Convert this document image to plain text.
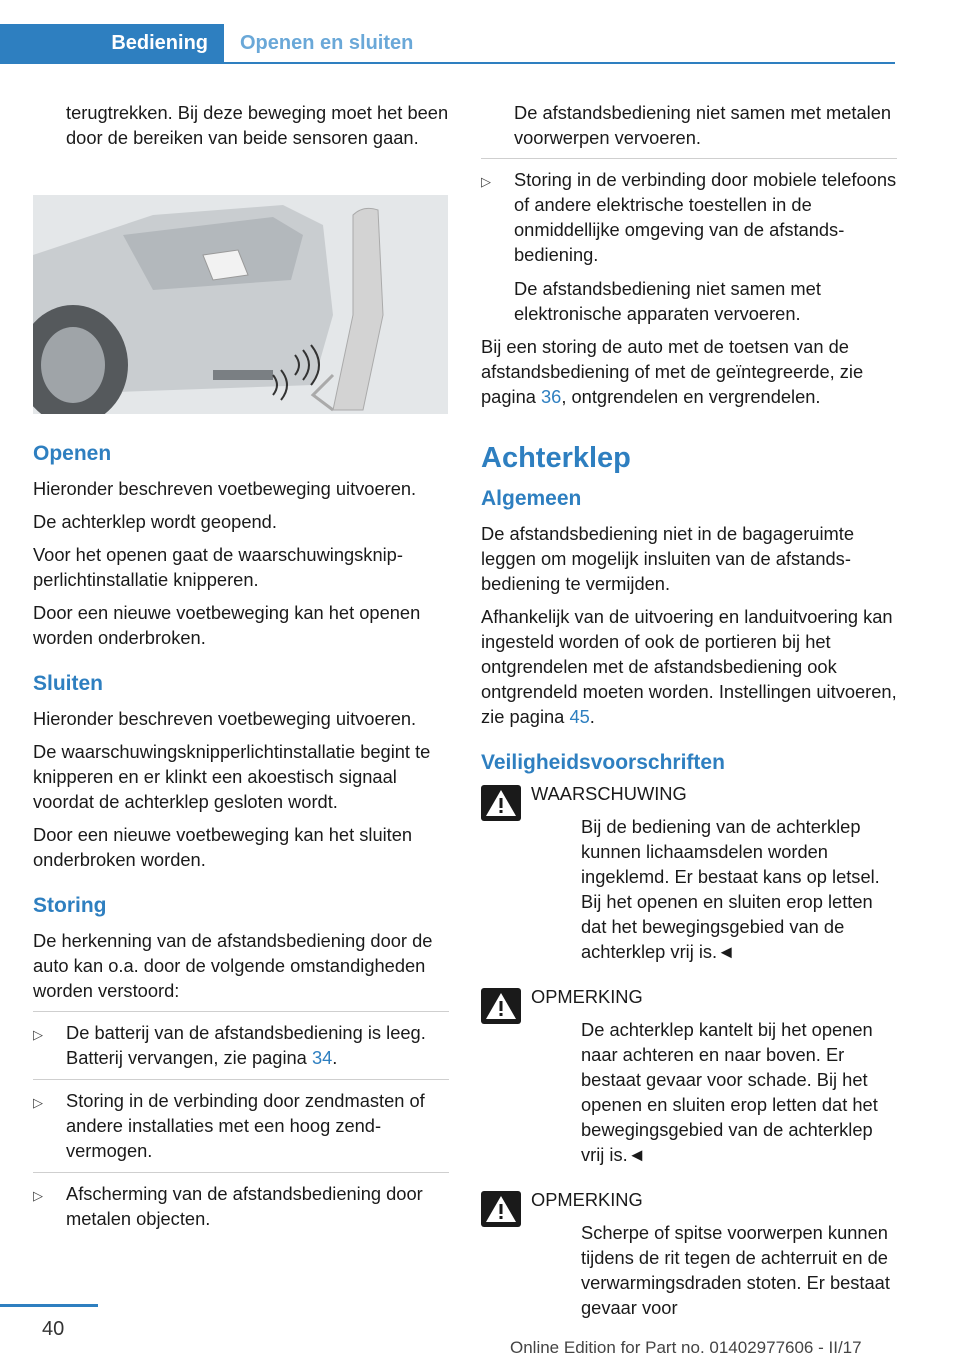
Bediening	Openen en sluiten

terugtrekken. Bij deze beweging moet het been door de bereiken van beide sensoren gaan.

Openen

Hieronder beschreven voetbeweging uitvoeren.

De achterklep wordt geopend.

Voor het openen gaat de waarschuwingsknipperlichtinstallatie knipperen.

Door een nieuwe voetbeweging kan het openen worden onderbroken.

Sluiten

Hieronder beschreven voetbeweging uitvoeren.

De waarschuwingsknipperlichtinstallatie begint te knipperen en er klinkt een akoestisch signaal voordat de achterklep gesloten wordt.

Door een nieuwe voetbeweging kan het sluiten onderbroken worden.

Storing

De herkenning van de afstandsbediening door de auto kan o.a. door de volgende omstandigheden worden verstoord:

▷ De batterij van de afstandsbediening is leeg. Batterij vervangen, zie pagina 34.
▷ Storing in de verbinding door zendmasten of andere installaties met een hoog zendvermogen.
▷ Afscherming van de afstandsbediening door metalen objecten.

De afstandsbediening niet samen met metalen voorwerpen vervoeren.

▷ Storing in de verbinding door mobiele telefoons of andere elektrische toestellen in de onmiddellijke omgeving van de afstandsbediening.

De afstandsbediening niet samen met elektronische apparaten vervoeren.

Bij een storing de auto met de toetsen van de afstandsbediening of met de geïntegreerde, zie pagina 36, ontgrendelen en vergrendelen.

Achterklep

Algemeen

De afstandsbediening niet in de bagageruimte leggen om mogelijk insluiten van de afstandsbediening te vermijden.

Afhankelijk van de uitvoering en landuitvoering kan ingesteld worden of ook de portieren bij het ontgrendelen met de afstandsbediening ook ontgrendeld moeten worden. Instellingen uitvoeren, zie pagina 45.

Veiligheidsvoorschriften

WAARSCHUWING

Bij de bediening van de achterklep kunnen lichaamsdelen worden ingeklemd. Er bestaat kans op letsel. Bij het openen en sluiten erop letten dat het bewegingsgebied van de achterklep vrij is.◄

OPMERKING

De achterklep kantelt bij het openen naar achteren en naar boven. Er bestaat gevaar voor schade. Bij het openen en sluiten erop letten dat het bewegingsgebied van de achterklep vrij is.◄

OPMERKING

Scherpe of spitse voorwerpen kunnen tijdens de rit tegen de achterruit en de verwarmingsdraden stoten. Er bestaat gevaar voor

40
Online Edition for Part no. 01402977606 - II/17
